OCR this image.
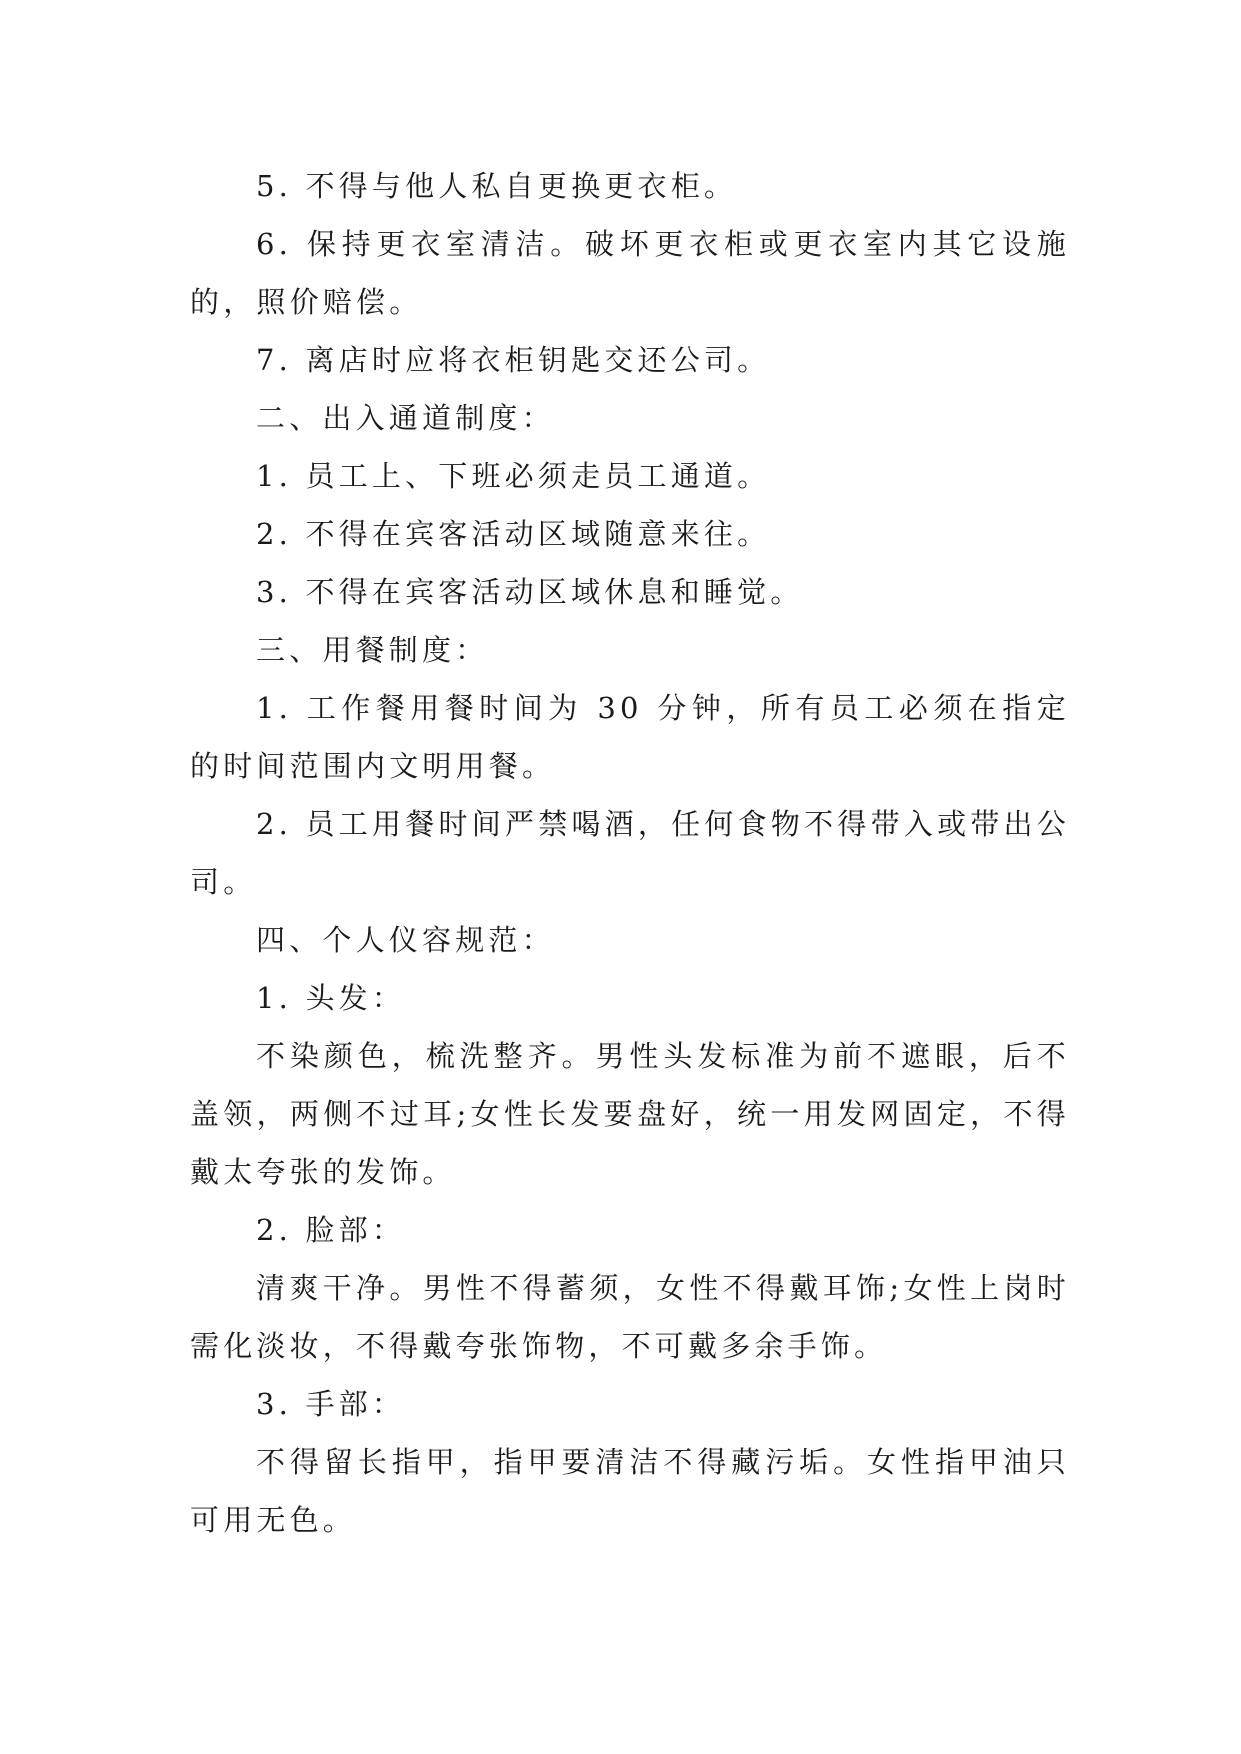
5. 不得与他人私自更换更衣柜。

6. 保持更衣室清洁。破坏更衣柜或更衣室内其它设施的，照价赔偿。

7. 离店时应将衣柜钥匙交还公司。

二、出入通道制度：

1. 员工上、下班必须走员工通道。

2. 不得在宾客活动区域随意来往。

3. 不得在宾客活动区域休息和睡觉。

三、用餐制度：

1. 工作餐用餐时间为 30 分钟，所有员工必须在指定的时间范围内文明用餐。

2. 员工用餐时间严禁喝酒，任何食物不得带入或带出公司。

四、个人仪容规范：

1. 头发：

不染颜色，梳洗整齐。男性头发标准为前不遮眼，后不盖领，两侧不过耳;女性长发要盘好，统一用发网固定，不得戴太夸张的发饰。

2. 脸部：

清爽干净。男性不得蓄须，女性不得戴耳饰;女性上岗时需化淡妆，不得戴夸张饰物，不可戴多余手饰。

3. 手部：

不得留长指甲，指甲要清洁不得藏污垢。女性指甲油只可用无色。
